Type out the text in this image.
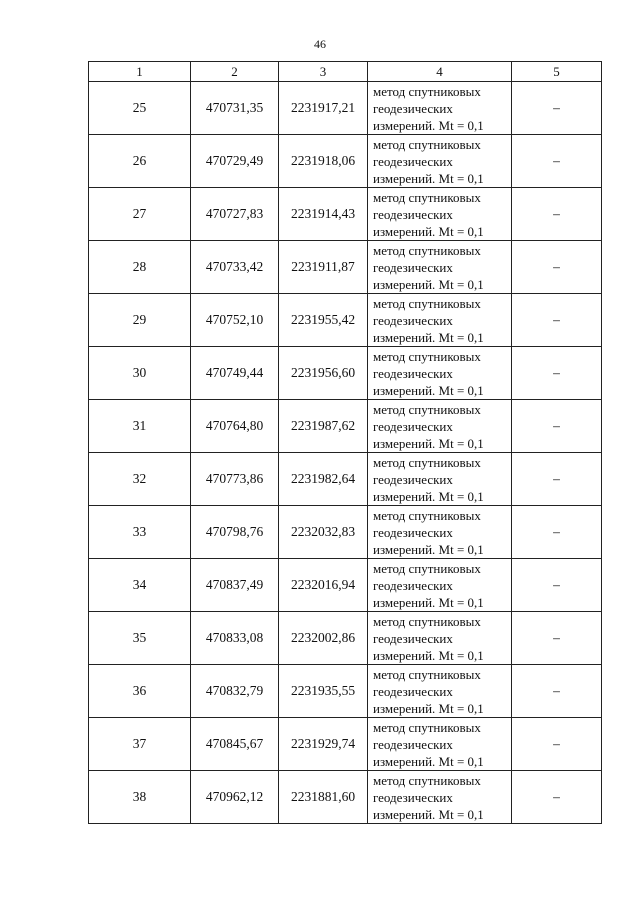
46
1	2	3	4	5
25	470731,35	2231917,21	метод спутниковых
геодезических
измерений. Mt = 0,1	–
26	470729,49	2231918,06	метод спутниковых
геодезических
измерений. Mt = 0,1	–
27	470727,83	2231914,43	метод спутниковых
геодезических
измерений. Mt = 0,1	–
28	470733,42	2231911,87	метод спутниковых
геодезических
измерений. Mt = 0,1	–
29	470752,10	2231955,42	метод спутниковых
геодезических
измерений. Mt = 0,1	–
30	470749,44	2231956,60	метод спутниковых
геодезических
измерений. Mt = 0,1	–
31	470764,80	2231987,62	метод спутниковых
геодезических
измерений. Mt = 0,1	–
32	470773,86	2231982,64	метод спутниковых
геодезических
измерений. Mt = 0,1	–
33	470798,76	2232032,83	метод спутниковых
геодезических
измерений. Mt = 0,1	–
34	470837,49	2232016,94	метод спутниковых
геодезических
измерений. Mt = 0,1	–
35	470833,08	2232002,86	метод спутниковых
геодезических
измерений. Mt = 0,1	–
36	470832,79	2231935,55	метод спутниковых
геодезических
измерений. Mt = 0,1	–
37	470845,67	2231929,74	метод спутниковых
геодезических
измерений. Mt = 0,1	–
38	470962,12	2231881,60	метод спутниковых
геодезических
измерений. Mt = 0,1	–
